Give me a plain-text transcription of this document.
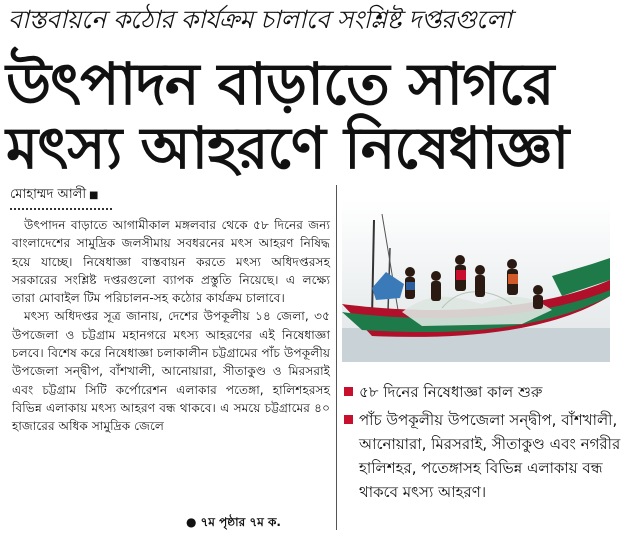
বাস্তবায়নে কঠোর কার্যক্রম চালাবে সংশ্লিষ্ট দপ্তরগুলো
উৎপাদন বাড়াতে সাগরে
মৎস্য আহরণে নিষেধাজ্ঞা
মোহাম্মদ আলী ■

উৎপাদন বাড়াতে আগামীকাল মঙ্গলবার থেকে ৫৮ দিনের জন্য বাংলাদেশের সামুদ্রিক জলসীমায় সবধরনের মৎস আহরণ নিষিদ্ধ হয়ে যাচ্ছে। নিষেধাজ্ঞা বাস্তবায়ন করতে মৎস্য অধিদপ্তরসহ সরকারের সংশ্লিষ্ট দপ্তরগুলো ব্যাপক প্রস্তুতি নিয়েছে। এ লক্ষ্যে তারা মোবাইল টিম পরিচালন-সহ কঠোর কার্যক্রম চালাবে।

মৎস্য অধিদপ্তর সূত্র জানায়, দেশের উপকূলীয় ১৪ জেলা, ৩৫ উপজেলা ও চট্টগ্রাম মহানগরে মৎস্য আহরণের এই নিষেধাজ্ঞা চলবে। বিশেষ করে নিষেধাজ্ঞা চলাকালীন চট্টগ্রামের পাঁচ উপকূলীয় উপজেলা সন্দ্বীপ, বাঁশখালী, আনোয়ারা, সীতাকুণ্ড ও মিরসরাই এবং চট্টগ্রাম সিটি কর্পোরেশন এলাকার পতেঙ্গা, হালিশহরসহ বিভিন্ন এলাকায় মৎস্য আহরণ বন্ধ থাকবে। এ সময়ে চট্টগ্রামের ৪০ হাজারের অধিক সামুদ্রিক জেলে

● ৭ম পৃষ্ঠার ৭ম ক.
৫৮ দিনের নিষেধাজ্ঞা কাল শুরু
পাঁচ উপকূলীয় উপজেলা সন্দ্বীপ, বাঁশখালী, আনোয়ারা, মিরসরাই, সীতাকুণ্ড এবং নগরীর হালিশহর, পতেঙ্গাসহ বিভিন্ন এলাকায় বন্ধ থাকবে মৎস্য আহরণ।
